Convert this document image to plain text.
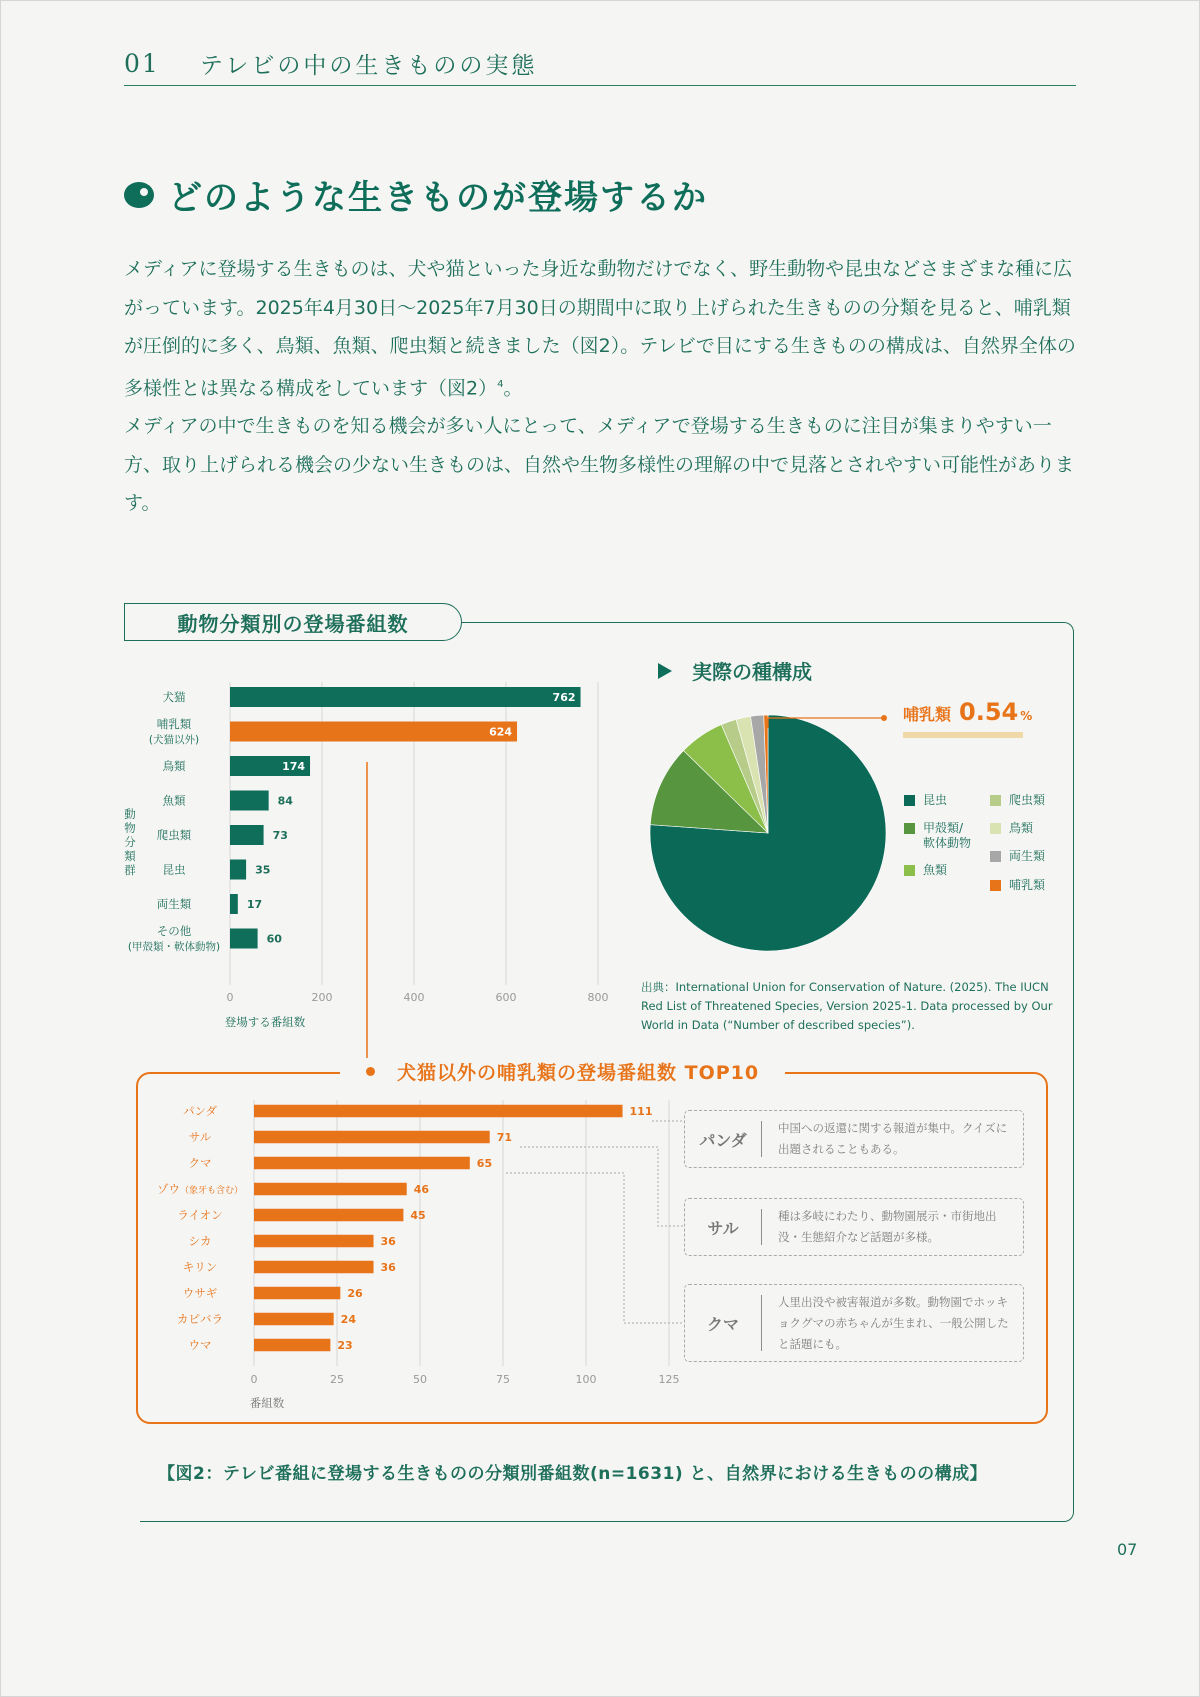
01 テレビの中の生きものの実態
どのような生きものが登場するか

メディアに登場する生きものは、犬や猫といった身近な動物だけでなく、野生動物や昆虫などさまざまな種に広がっています。2025年4月30日～2025年7月30日の期間中に取り上げられた生きものの分類を見ると、哺乳類が圧倒的に多く、鳥類、魚類、爬虫類と続きました（図2）。テレビで目にする生きものの構成は、自然界全体の多様性とは異なる構成をしています（図2）$^4$。

メディアの中で生きものを知る機会が多い人にとって、メディアで登場する生きものに注目が集まりやすい一方、取り上げられる機会の少ない生きものは、自然や生物多様性の理解の中で見落とされやすい可能性があります。

動物分類別の登場番組数
0	200	400	600	800
登場する番組数
動物分類群
犬猫	762
哺乳類(犬猫以外)
624
鳥類	174
魚類	84
爬虫類	73
昆虫	35
両生類	17
その他(甲殻類・軟体動物)
60
実際の種構成
哺乳類 0.54 %
昆虫
甲殻類/
軟体動物
魚類
爬虫類
鳥類
両生類
哺乳類
出典：International Union for Conservation of Nature. (2025). The IUCN Red List of Threatened Species, Version 2025-1. Data processed by Our World in Data (“Number of described species”).
犬猫以外の哺乳類の登場番組数 TOP10
0	25	50	75	100	125
番組数
111
パンダ
71
サル
65
クマ
46
ゾウ（象牙も含む）
45
ライオン
36
シカ
36
キリン
26
ウサギ
24
カピバラ
23
ウマ
パンダ
中国への返還に関する報道が集中。クイズに出題されることもある。
サル
種は多岐にわたり、動物園展示・市街地出没・生態紹介など話題が多様。
クマ
人里出没や被害報道が多数。動物園でホッキョクグマの赤ちゃんが生まれ、一般公開したと話題にも。
【図2：テレビ番組に登場する生きものの分類別番組数(n=1631) と、自然界における生きものの構成】
07
